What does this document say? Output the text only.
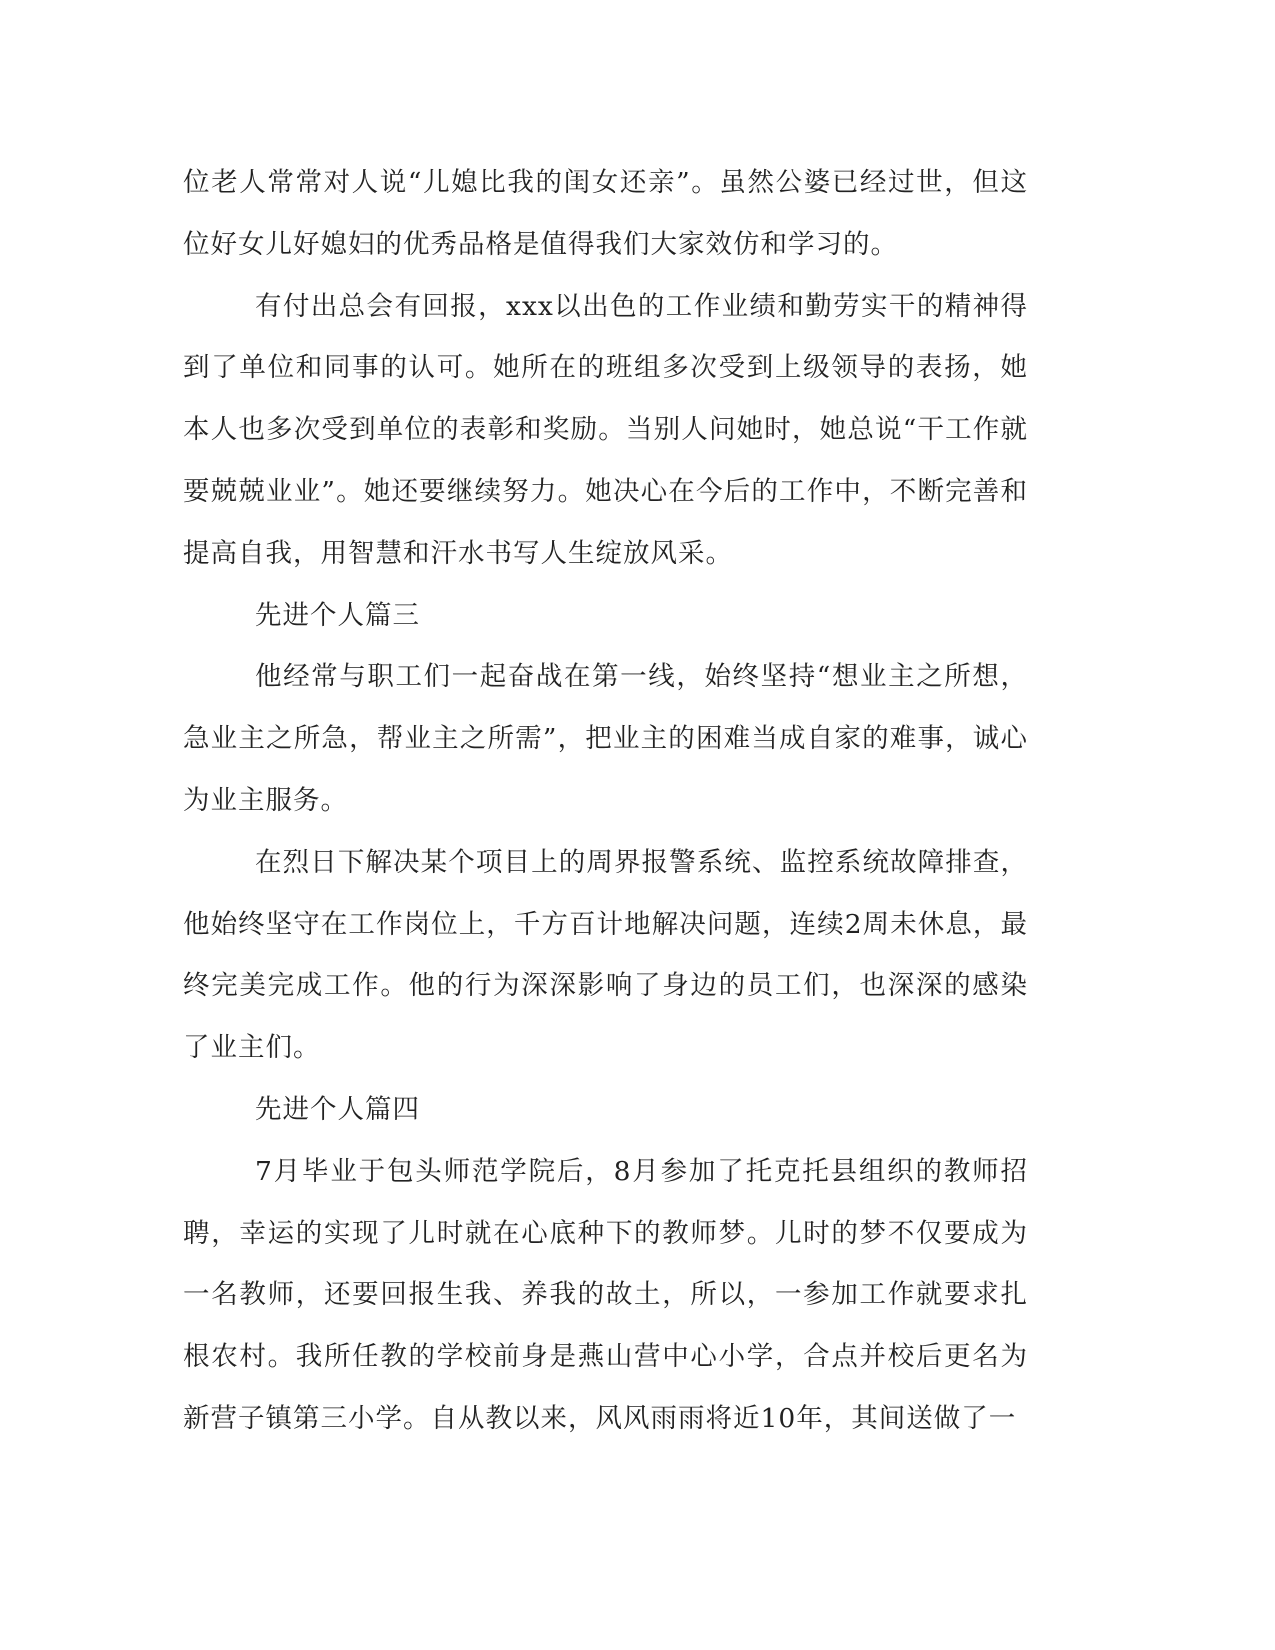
位老人常常对人说“儿媳比我的闺女还亲”。虽然公婆已经过世，但这位好女儿好媳妇的优秀品格是值得我们大家效仿和学习的。

有付出总会有回报，xxx以出色的工作业绩和勤劳实干的精神得到了单位和同事的认可。她所在的班组多次受到上级领导的表扬，她本人也多次受到单位的表彰和奖励。当别人问她时，她总说“干工作就要兢兢业业”。她还要继续努力。她决心在今后的工作中，不断完善和提高自我，用智慧和汗水书写人生绽放风采。

先进个人篇三

他经常与职工们一起奋战在第一线，始终坚持“想业主之所想，急业主之所急，帮业主之所需”，把业主的困难当成自家的难事，诚心为业主服务。

在烈日下解决某个项目上的周界报警系统、监控系统故障排查，他始终坚守在工作岗位上，千方百计地解决问题，连续2周未休息，最终完美完成工作。他的行为深深影响了身边的员工们，也深深的感染了业主们。

先进个人篇四

7月毕业于包头师范学院后，8月参加了托克托县组织的教师招聘，幸运的实现了儿时就在心底种下的教师梦。儿时的梦不仅要成为一名教师，还要回报生我、养我的故土，所以，一参加工作就要求扎根农村。我所任教的学校前身是燕山营中心小学，合点并校后更名为新营子镇第三小学。自从教以来，风风雨雨将近10年，其间送做了一
